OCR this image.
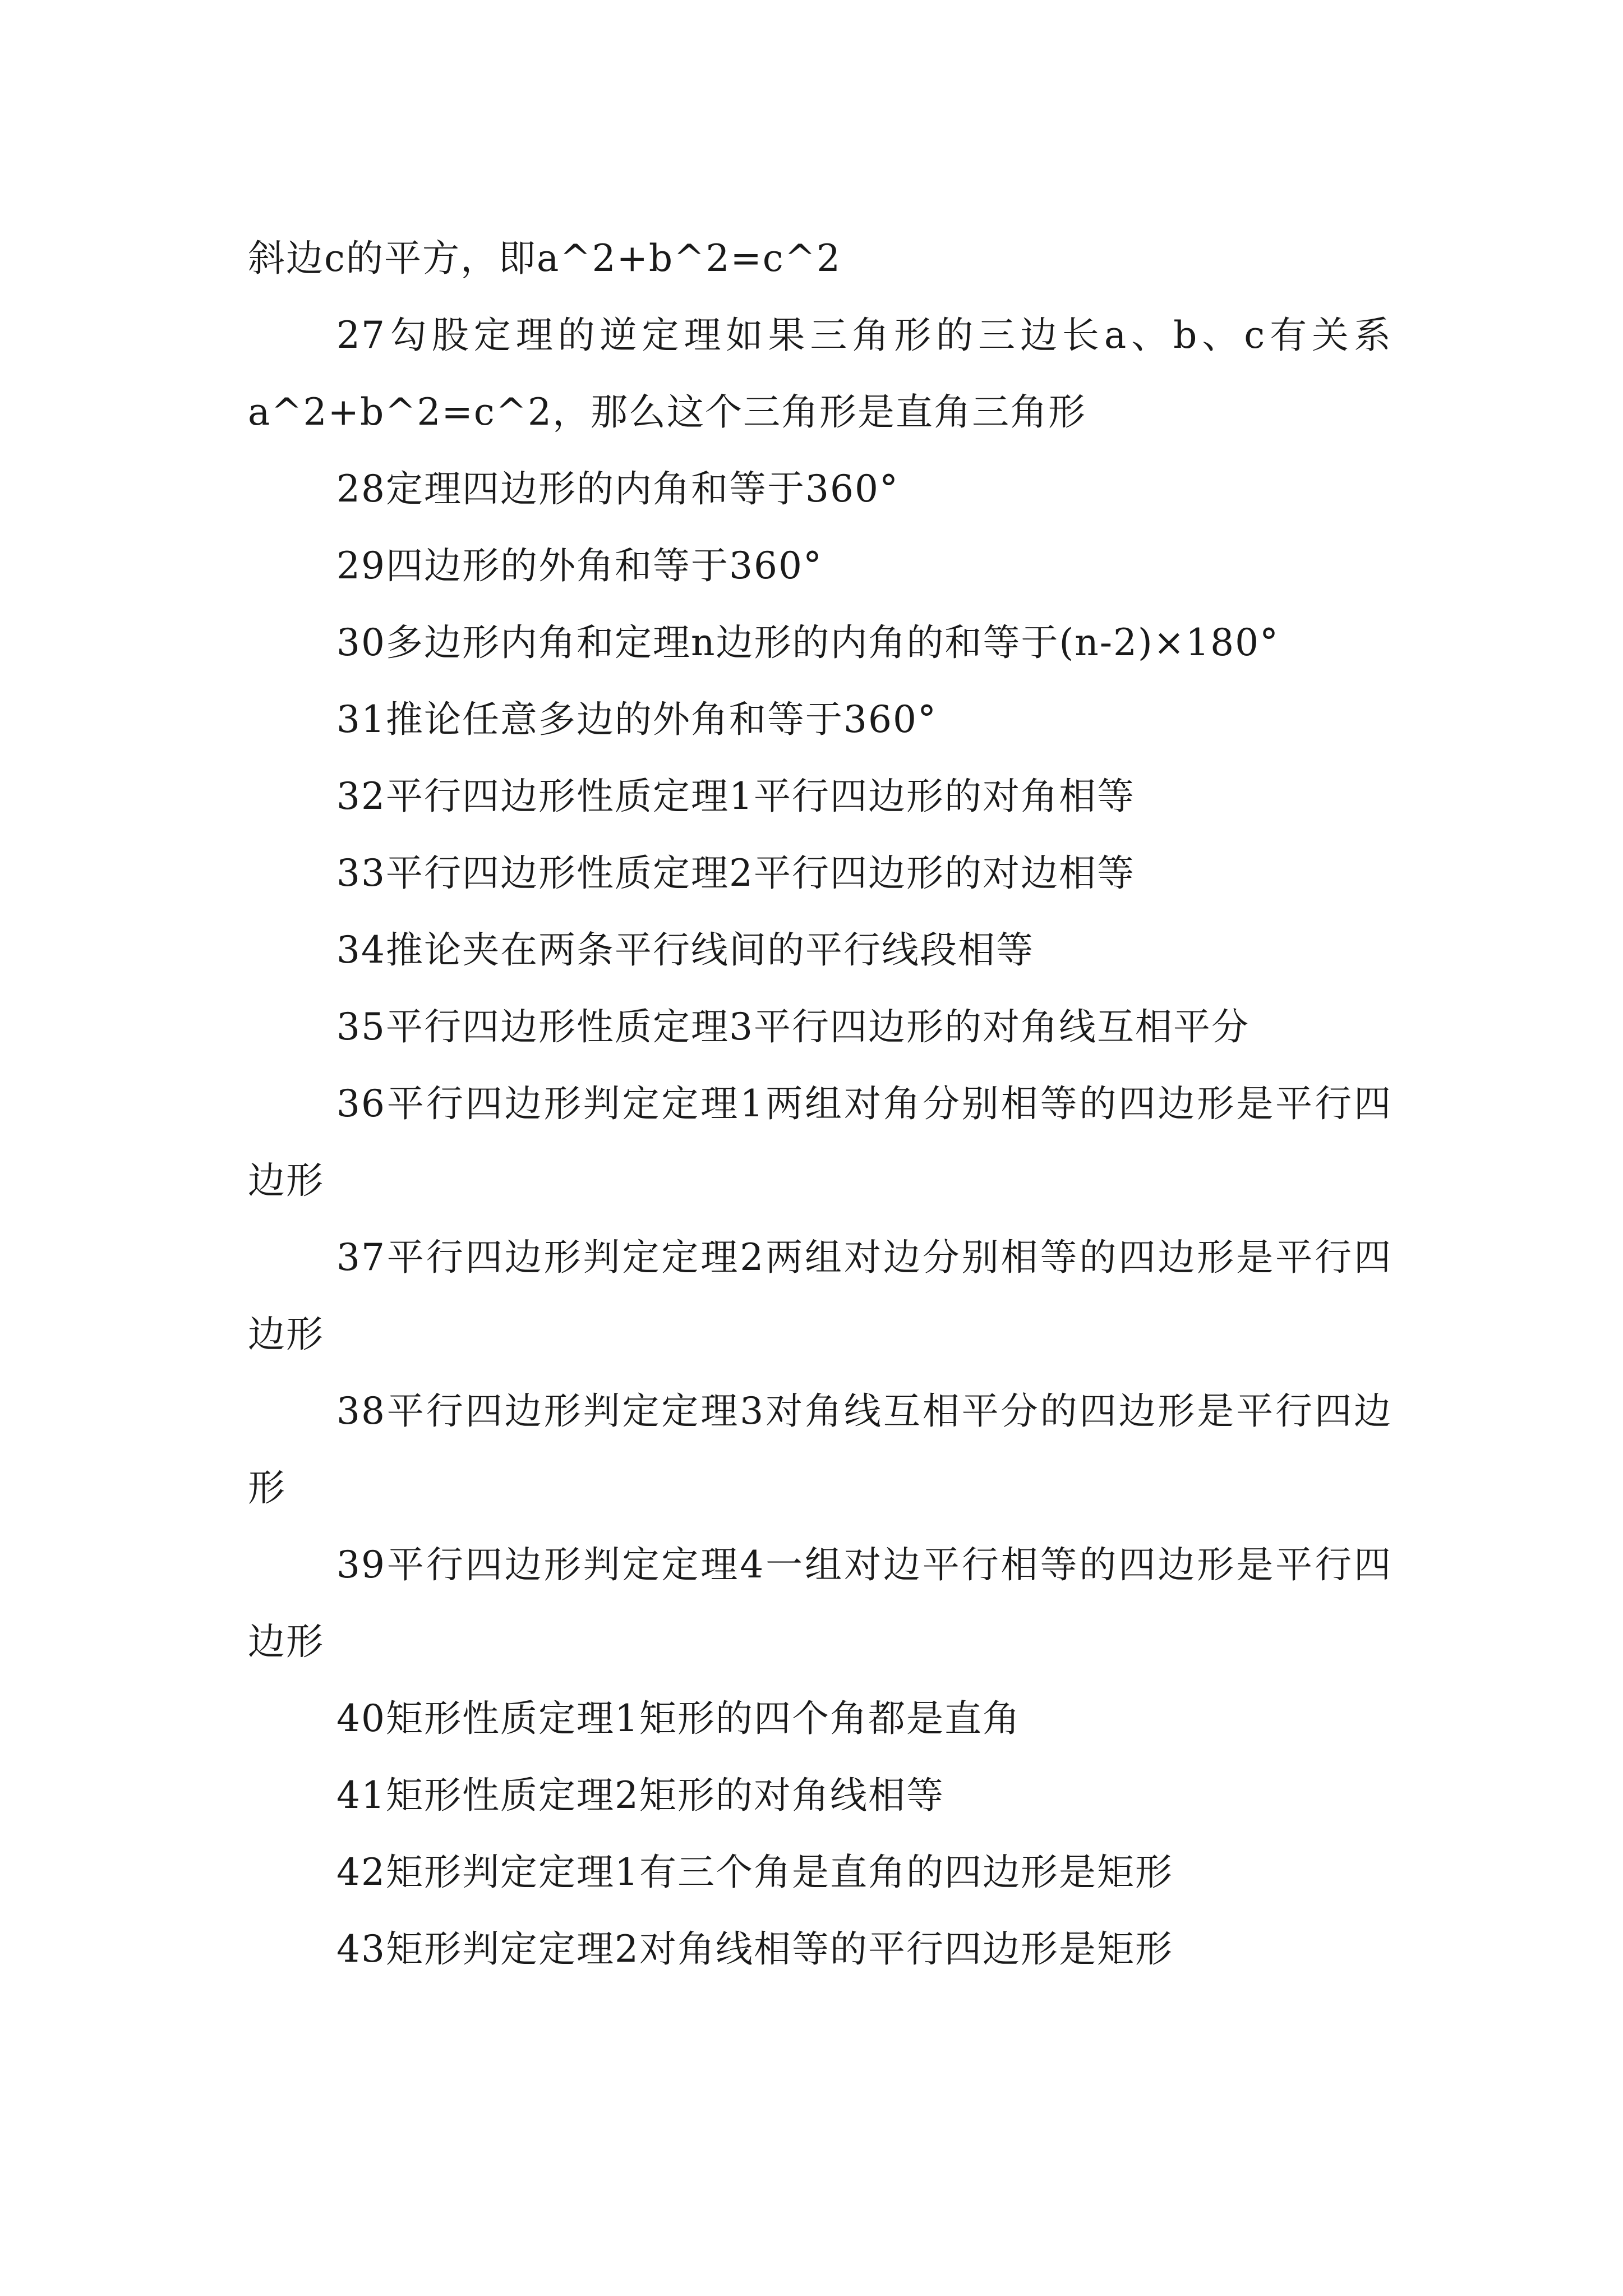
斜边c的平方，即a^2+b^2=c^2

27勾股定理的逆定理如果三角形的三边长a、b、c有关系a^2+b^2=c^2，那么这个三角形是直角三角形

28定理四边形的内角和等于360°

29四边形的外角和等于360°

30多边形内角和定理n边形的内角的和等于(n-2)×180°

31推论任意多边的外角和等于360°

32平行四边形性质定理1平行四边形的对角相等

33平行四边形性质定理2平行四边形的对边相等

34推论夹在两条平行线间的平行线段相等

35平行四边形性质定理3平行四边形的对角线互相平分

36平行四边形判定定理1两组对角分别相等的四边形是平行四边形

37平行四边形判定定理2两组对边分别相等的四边形是平行四边形

38平行四边形判定定理3对角线互相平分的四边形是平行四边形

39平行四边形判定定理4一组对边平行相等的四边形是平行四边形

40矩形性质定理1矩形的四个角都是直角

41矩形性质定理2矩形的对角线相等

42矩形判定定理1有三个角是直角的四边形是矩形

43矩形判定定理2对角线相等的平行四边形是矩形
